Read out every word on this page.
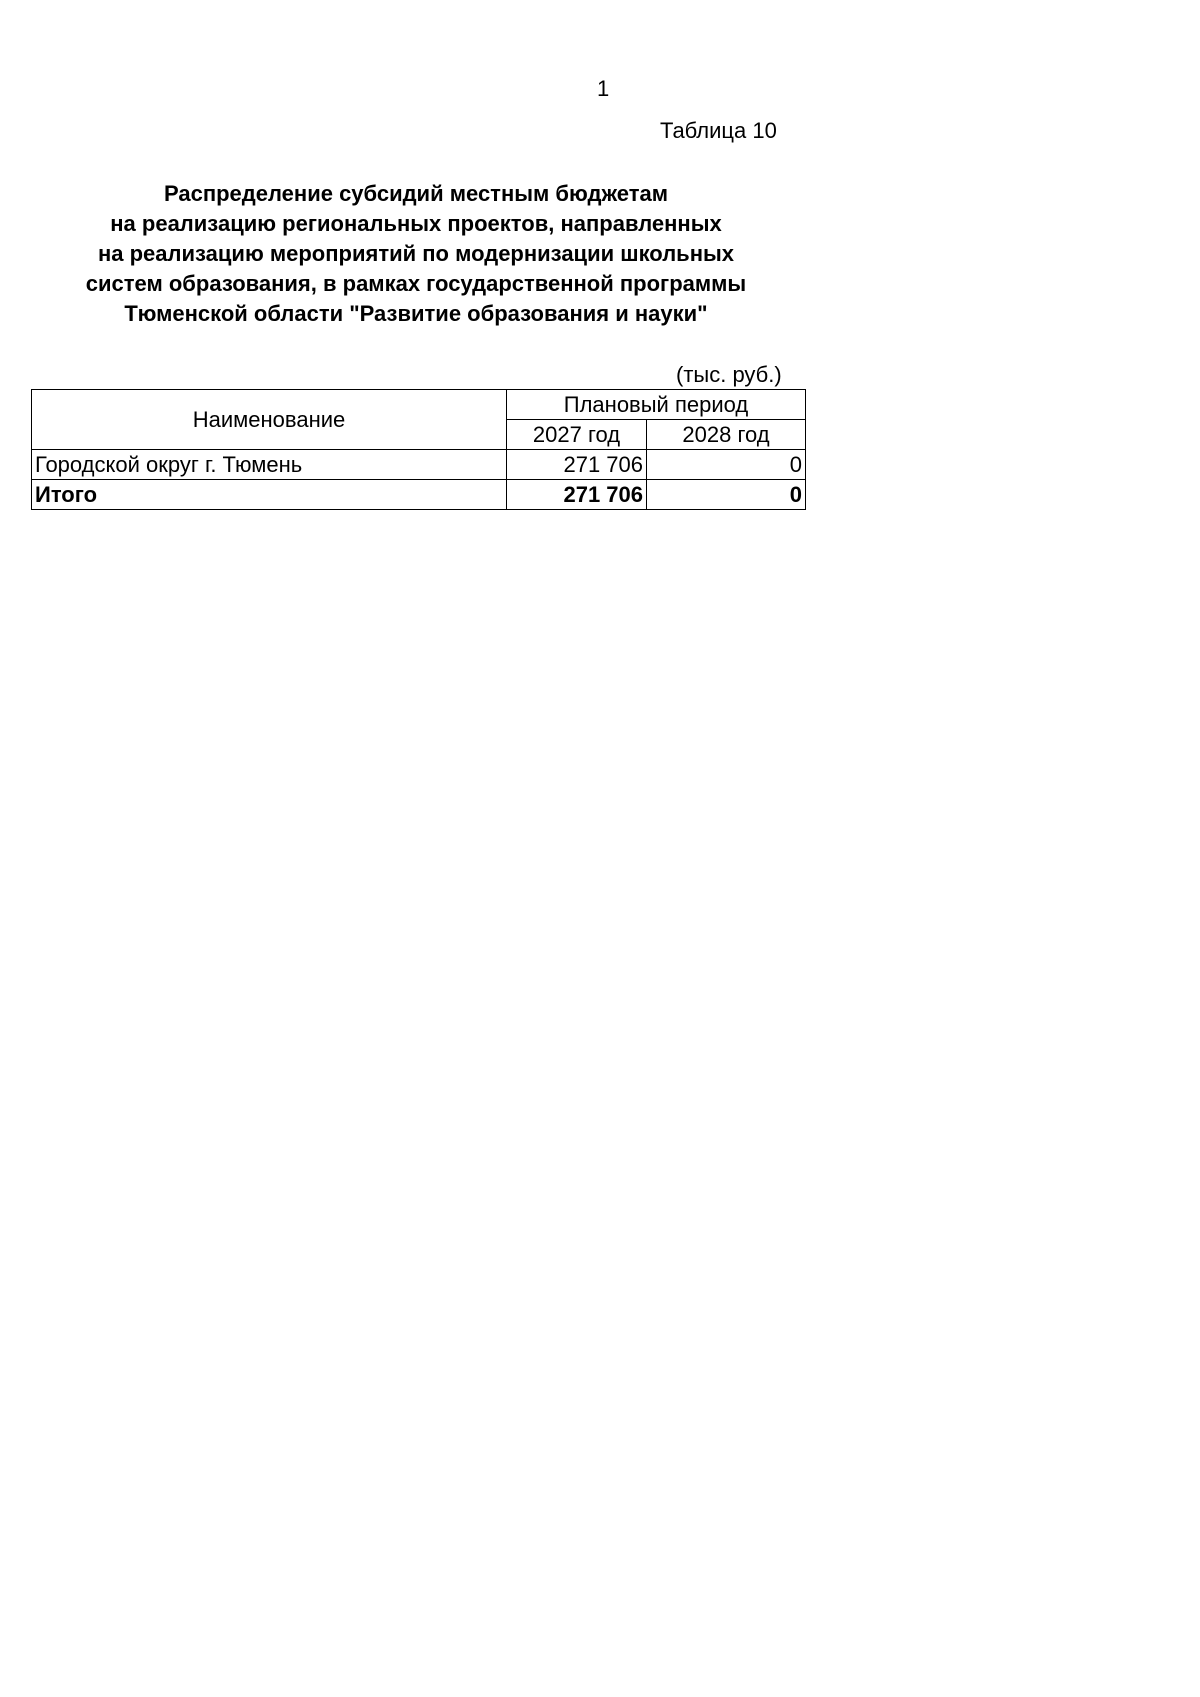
1
Таблица 10
Распределение субсидий местным бюджетам
на реализацию региональных проектов, направленных
на реализацию мероприятий по модернизации школьных
систем образования, в рамках государственной программы
Тюменской области "Развитие образования и науки"
(тыс. руб.)
Наименование	Плановый период	
	2027 год	2028 год
Городской округ г. Тюмень	271 706	0
Итого	271 706	0
